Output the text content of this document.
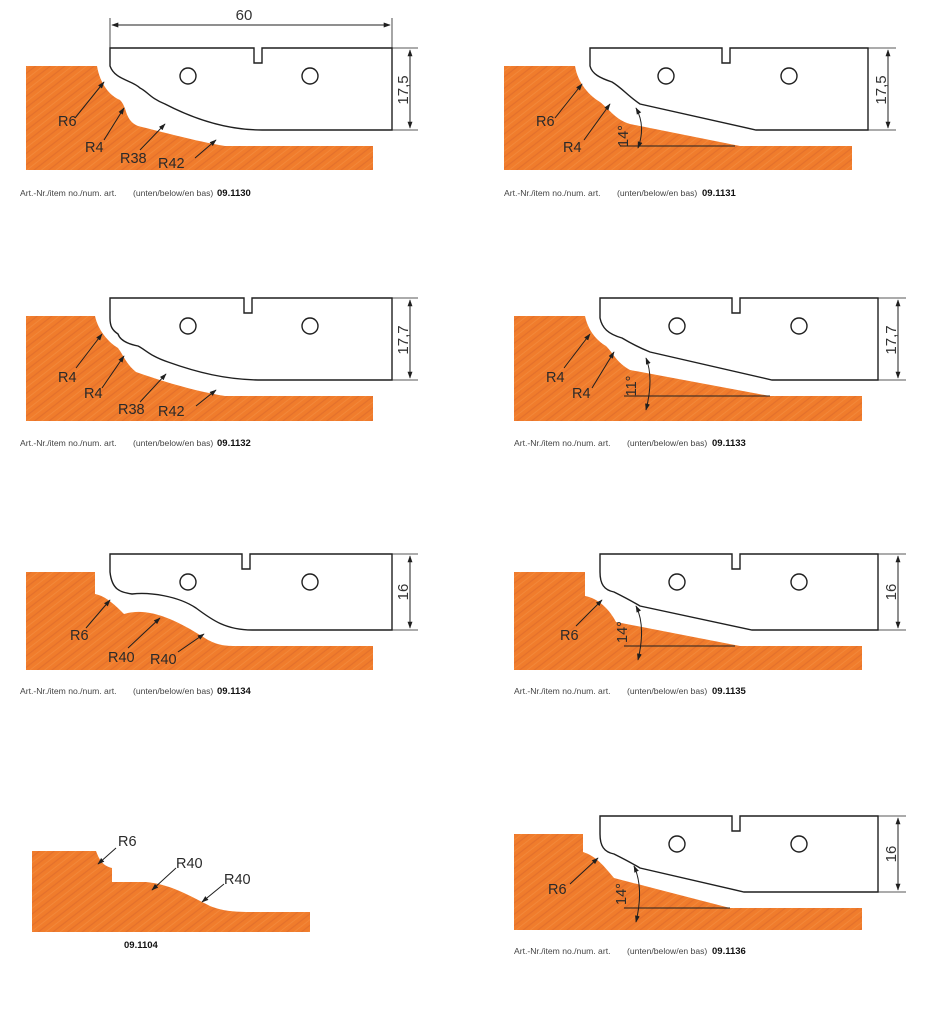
60
17,5
R6
R4
R38 R42
Art.-Nr./item no./num. art. (unten/below/en bas) 09.1130
17,5
14°
R6
R4
Art.-Nr./item no./num. art. (unten/below/en bas) 09.1131
17,7
R4
R4
R38 R42
Art.-Nr./item no./num. art. (unten/below/en bas) 09.1132
17,7
11°
R4
R4
Art.-Nr./item no./num. art. (unten/below/en bas) 09.1133
16
R6
R40 R40
Art.-Nr./item no./num. art. (unten/below/en bas) 09.1134
16
14°
R6
Art.-Nr./item no./num. art. (unten/below/en bas) 09.1135
R6
R40
R40
09.1104
16
14°
R6
Art.-Nr./item no./num. art. (unten/below/en bas) 09.1136
